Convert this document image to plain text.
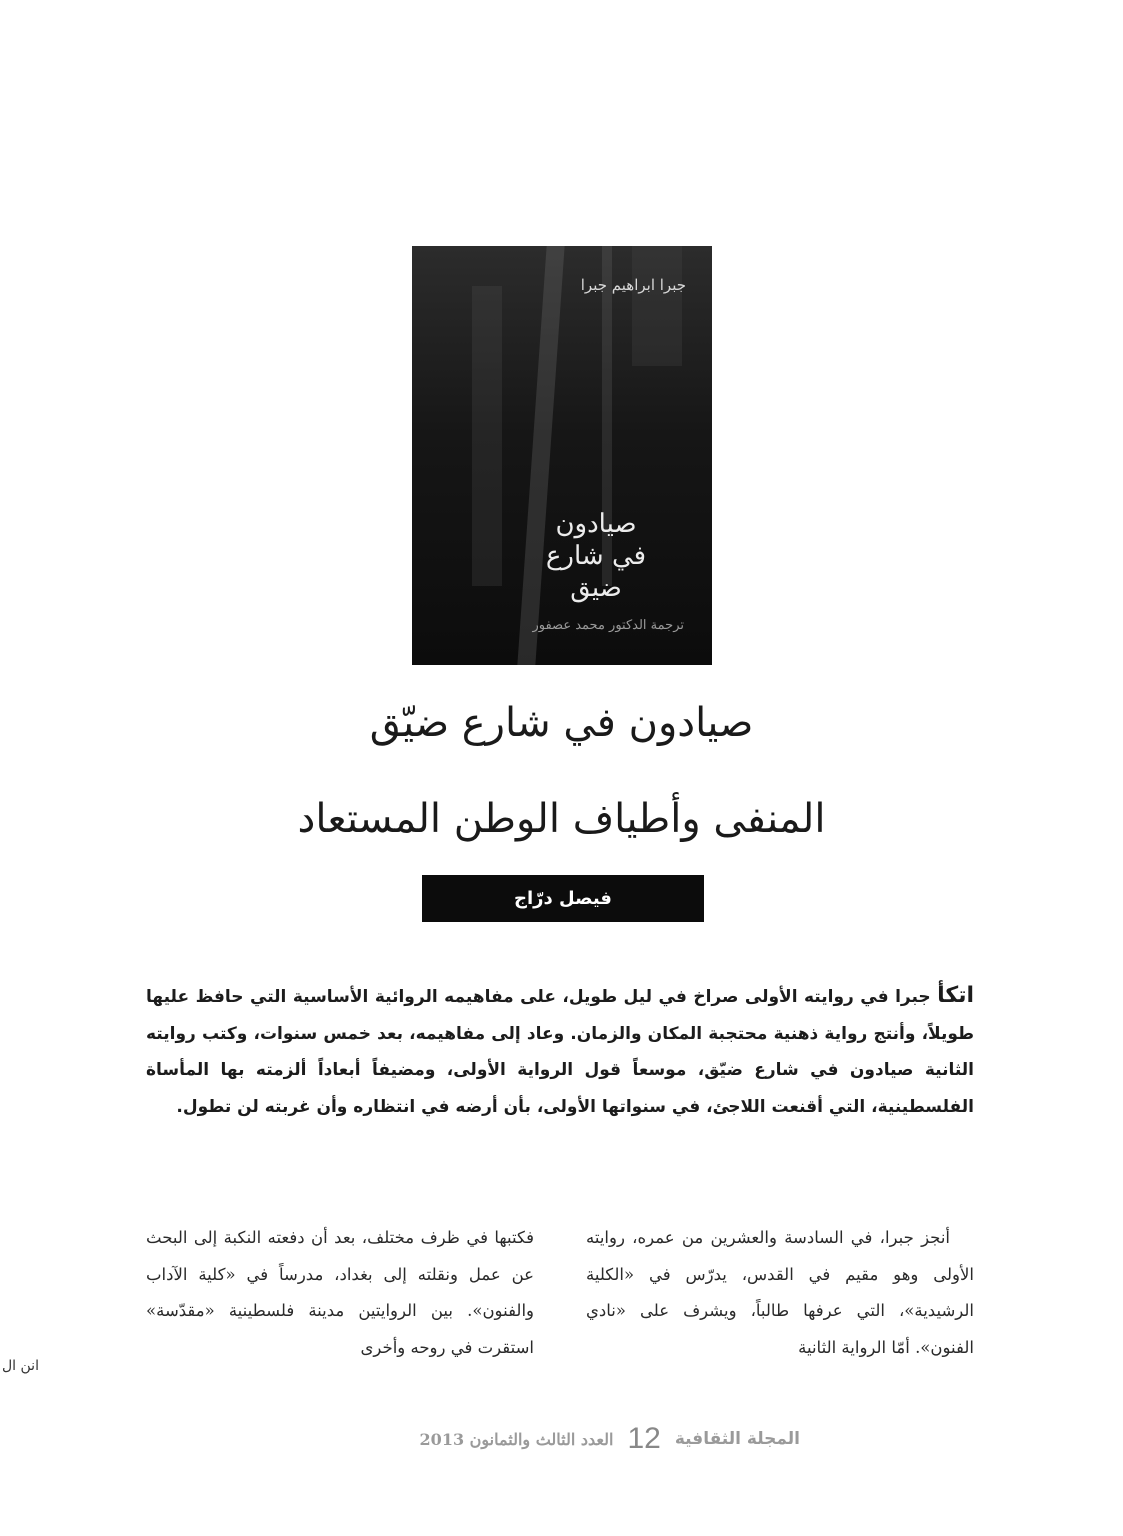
جبرا ابراهيم جبرا
صيادون
في شارع
ضيق
ترجمة الدكتور محمد عصفور
صيادون في شارع ضيّق
المنفى وأطياف الوطن المستعاد
فيصل درّاج
اتكأ جبرا في روايته الأولى صراخ في ليل طويل، على مفاهيمه الروائية الأساسية التي حافظ عليها طويلاً، وأنتج رواية ذهنية محتجبة المكان والزمان. وعاد إلى مفاهيمه، بعد خمس سنوات، وكتب روايته الثانية صيادون في شارع ضيّق، موسعاً قول الرواية الأولى، ومضيفاً أبعاداً ألزمته بها المأساة الفلسطينية، التي أقنعت اللاجئ، في سنواتها الأولى، بأن أرضه في انتظاره وأن غربته لن تطول.
أنجز جبرا، في السادسة والعشرين من عمره، روايته الأولى وهو مقيم في القدس، يدرّس في «الكلية الرشيدية»، التي عرفها طالباً، ويشرف على «نادي الفنون». أمّا الرواية الثانية
فكتبها في ظرف مختلف، بعد أن دفعته النكبة إلى البحث عن عمل ونقلته إلى بغداد، مدرساً في «كلية الآداب والفنون». بين الروايتين مدينة فلسطينية «مقدّسة» استقرت في روحه وأخرى
انن ال
المجلة الثقافية
12
العدد الثالث والثمانون 2013
